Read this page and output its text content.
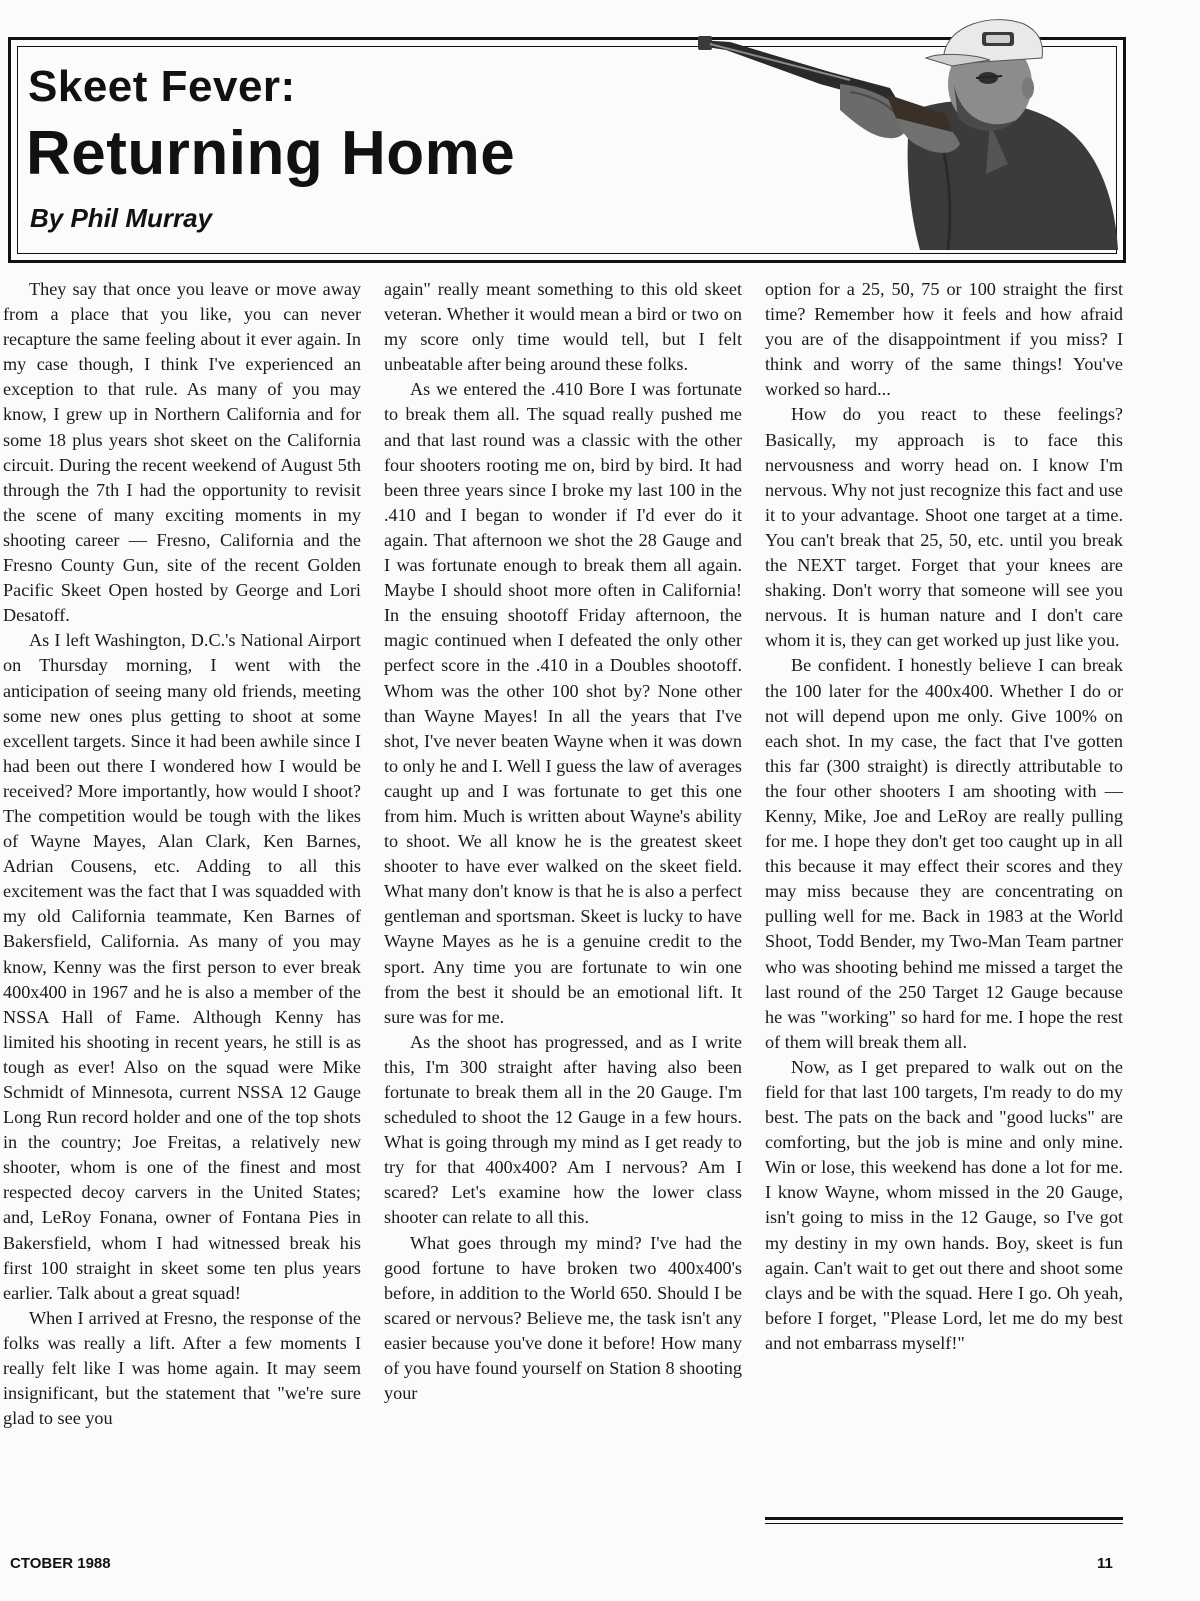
Skeet Fever:
Returning Home

By Phil Murray

They say that once you leave or move away from a place that you like, you can never recapture the same feeling about it ever again. In my case though, I think I've experienced an exception to that rule. As many of you may know, I grew up in Northern California and for some 18 plus years shot skeet on the California circuit. During the recent weekend of August 5th through the 7th I had the opportunity to revisit the scene of many exciting moments in my shooting career — Fresno, California and the Fresno County Gun, site of the recent Golden Pacific Skeet Open hosted by George and Lori Desatoff.

As I left Washington, D.C.'s National Airport on Thursday morning, I went with the anticipation of seeing many old friends, meeting some new ones plus getting to shoot at some excellent targets. Since it had been awhile since I had been out there I wondered how I would be received? More importantly, how would I shoot? The competition would be tough with the likes of Wayne Mayes, Alan Clark, Ken Barnes, Adrian Cousens, etc. Adding to all this excitement was the fact that I was squadded with my old California teammate, Ken Barnes of Bakersfield, California. As many of you may know, Kenny was the first person to ever break 400x400 in 1967 and he is also a member of the NSSA Hall of Fame. Although Kenny has limited his shooting in recent years, he still is as tough as ever! Also on the squad were Mike Schmidt of Minnesota, current NSSA 12 Gauge Long Run record holder and one of the top shots in the country; Joe Freitas, a relatively new shooter, whom is one of the finest and most respected decoy carvers in the United States; and, LeRoy Fonana, owner of Fontana Pies in Bakersfield, whom I had witnessed break his first 100 straight in skeet some ten plus years earlier. Talk about a great squad!

When I arrived at Fresno, the response of the folks was really a lift. After a few moments I really felt like I was home again. It may seem insignificant, but the statement that "we're sure glad to see you

again" really meant something to this old skeet veteran. Whether it would mean a bird or two on my score only time would tell, but I felt unbeatable after being around these folks.

As we entered the .410 Bore I was fortunate to break them all. The squad really pushed me and that last round was a classic with the other four shooters rooting me on, bird by bird. It had been three years since I broke my last 100 in the .410 and I began to wonder if I'd ever do it again. That afternoon we shot the 28 Gauge and I was fortunate enough to break them all again. Maybe I should shoot more often in California! In the ensuing shootoff Friday afternoon, the magic continued when I defeated the only other perfect score in the .410 in a Doubles shootoff. Whom was the other 100 shot by? None other than Wayne Mayes! In all the years that I've shot, I've never beaten Wayne when it was down to only he and I. Well I guess the law of averages caught up and I was fortunate to get this one from him. Much is written about Wayne's ability to shoot. We all know he is the greatest skeet shooter to have ever walked on the skeet field. What many don't know is that he is also a perfect gentleman and sportsman. Skeet is lucky to have Wayne Mayes as he is a genuine credit to the sport. Any time you are fortunate to win one from the best it should be an emotional lift. It sure was for me.

As the shoot has progressed, and as I write this, I'm 300 straight after having also been fortunate to break them all in the 20 Gauge. I'm scheduled to shoot the 12 Gauge in a few hours. What is going through my mind as I get ready to try for that 400x400? Am I nervous? Am I scared? Let's examine how the lower class shooter can relate to all this.

What goes through my mind? I've had the good fortune to have broken two 400x400's before, in addition to the World 650. Should I be scared or nervous? Believe me, the task isn't any easier because you've done it before! How many of you have found yourself on Station 8 shooting your

option for a 25, 50, 75 or 100 straight the first time? Remember how it feels and how afraid you are of the disappointment if you miss? I think and worry of the same things! You've worked so hard...

How do you react to these feelings? Basically, my approach is to face this nervousness and worry head on. I know I'm nervous. Why not just recognize this fact and use it to your advantage. Shoot one target at a time. You can't break that 25, 50, etc. until you break the NEXT target. Forget that your knees are shaking. Don't worry that someone will see you nervous. It is human nature and I don't care whom it is, they can get worked up just like you.

Be confident. I honestly believe I can break the 100 later for the 400x400. Whether I do or not will depend upon me only. Give 100% on each shot. In my case, the fact that I've gotten this far (300 straight) is directly attributable to the four other shooters I am shooting with — Kenny, Mike, Joe and LeRoy are really pulling for me. I hope they don't get too caught up in all this because it may effect their scores and they may miss because they are concentrating on pulling well for me. Back in 1983 at the World Shoot, Todd Bender, my Two-Man Team partner who was shooting behind me missed a target the last round of the 250 Target 12 Gauge because he was "working" so hard for me. I hope the rest of them will break them all.

Now, as I get prepared to walk out on the field for that last 100 targets, I'm ready to do my best. The pats on the back and "good lucks" are comforting, but the job is mine and only mine. Win or lose, this weekend has done a lot for me. I know Wayne, whom missed in the 20 Gauge, isn't going to miss in the 12 Gauge, so I've got my destiny in my own hands. Boy, skeet is fun again. Can't wait to get out there and shoot some clays and be with the squad. Here I go. Oh yeah, before I forget, "Please Lord, let me do my best and not embarrass myself!"

CTOBER 1988	11
